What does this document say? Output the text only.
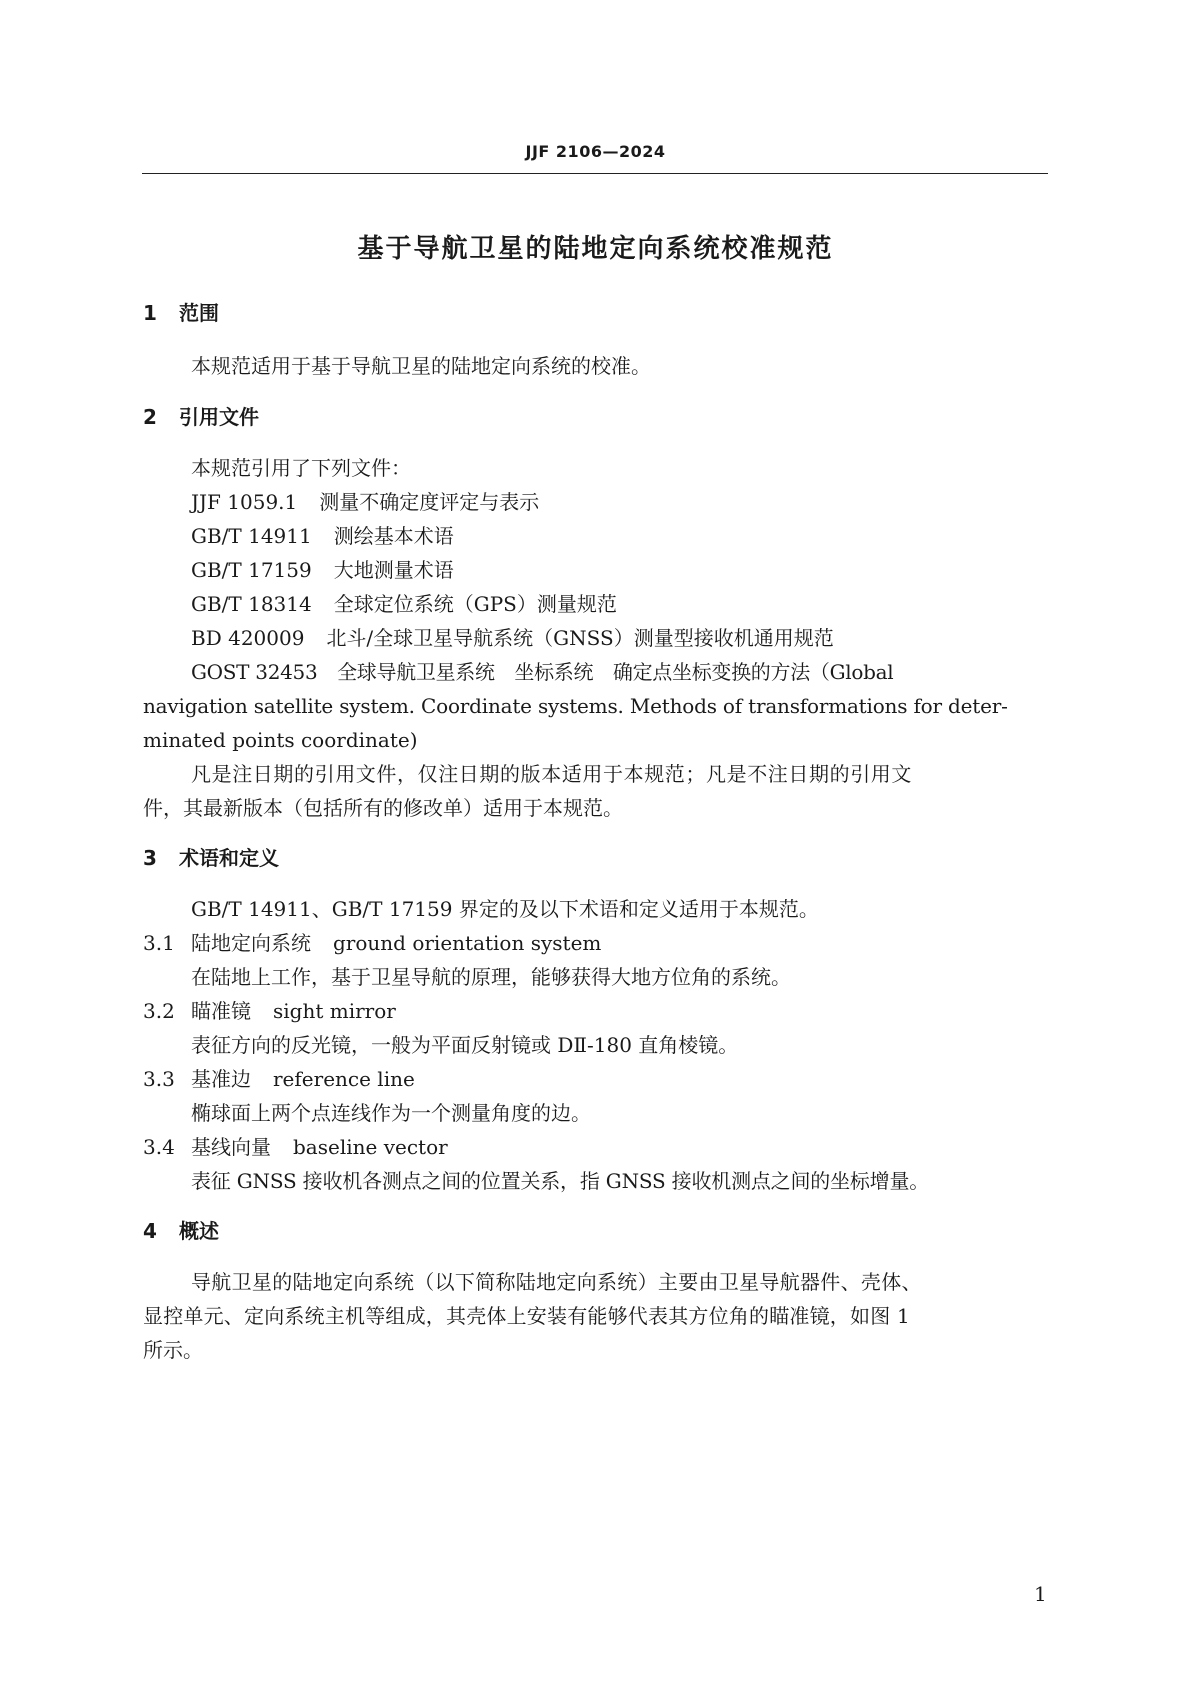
JJF 2106—2024
基于导航卫星的陆地定向系统校准规范
1 范围
本规范适用于基于导航卫星的陆地定向系统的校准。
2 引用文件
本规范引用了下列文件：
JJF 1059.1 测量不确定度评定与表示
GB/T 14911 测绘基本术语
GB/T 17159 大地测量术语
GB/T 18314 全球定位系统（GPS）测量规范
BD 420009 北斗/全球卫星导航系统（GNSS）测量型接收机通用规范
GOST 32453　全球导航卫星系统　坐标系统　确定点坐标变换的方法（Global
navigation satellite system. Coordinate systems. Methods of transformations for deter-
minated points coordinate)
凡是注日期的引用文件，仅注日期的版本适用于本规范；凡是不注日期的引用文
件，其最新版本（包括所有的修改单）适用于本规范。
3 术语和定义
GB/T 14911、GB/T 17159 界定的及以下术语和定义适用于本规范。
3.1 陆地定向系统 ground orientation system
在陆地上工作，基于卫星导航的原理，能够获得大地方位角的系统。
3.2 瞄准镜 sight mirror
表征方向的反光镜，一般为平面反射镜或 DⅡ-180 直角棱镜。
3.3 基准边 reference line
椭球面上两个点连线作为一个测量角度的边。
3.4 基线向量 baseline vector
表征 GNSS 接收机各测点之间的位置关系，指 GNSS 接收机测点之间的坐标增量。
4 概述
导航卫星的陆地定向系统（以下简称陆地定向系统）主要由卫星导航器件、壳体、
显控单元、定向系统主机等组成，其壳体上安装有能够代表其方位角的瞄准镜，如图 1
所示。
1
